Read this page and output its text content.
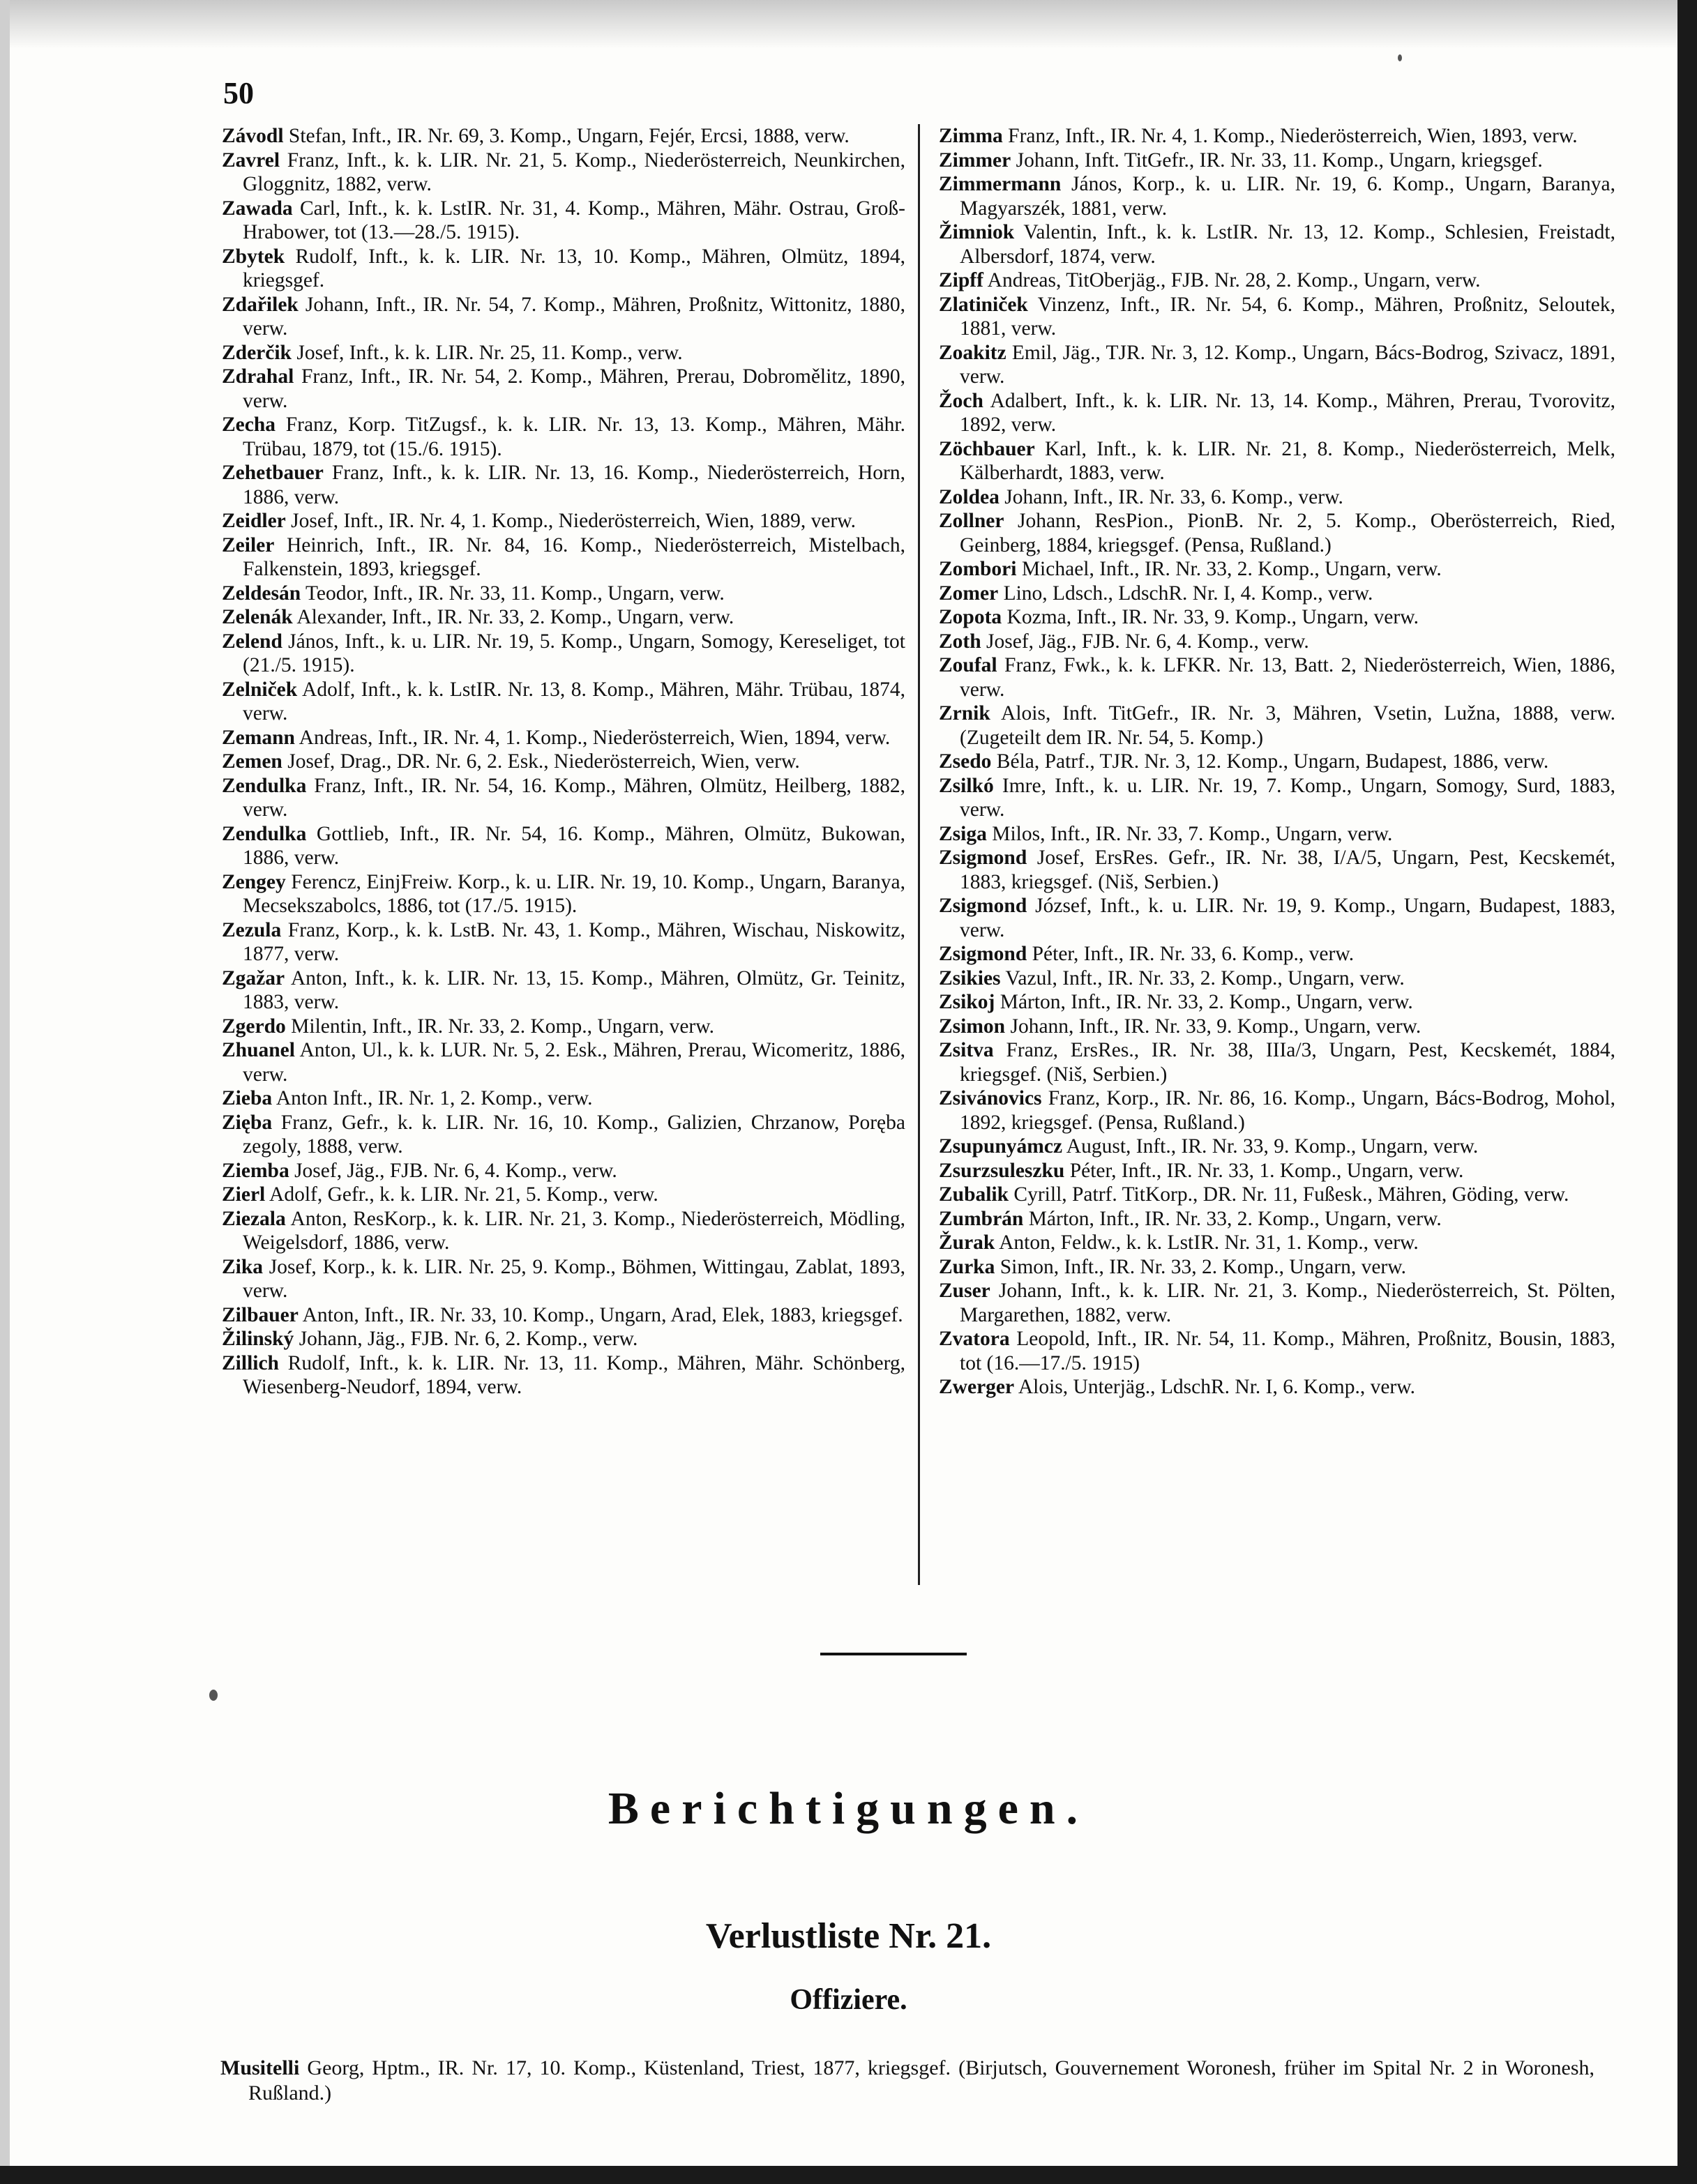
50

Závodl Stefan, Inft., IR. Nr. 69, 3. Komp., Ungarn, Fejér, Ercsi, 1888, verw.

Zavrel Franz, Inft., k. k. LIR. Nr. 21, 5. Komp., Niederösterreich, Neunkirchen, Gloggnitz, 1882, verw.

Zawada Carl, Inft., k. k. LstIR. Nr. 31, 4. Komp., Mähren, Mähr. Ostrau, Groß-Hrabower, tot (13.—28./5. 1915).

Zbytek Rudolf, Inft., k. k. LIR. Nr. 13, 10. Komp., Mähren, Olmütz, 1894, kriegsgef.

Zdařilek Johann, Inft., IR. Nr. 54, 7. Komp., Mähren, Proßnitz, Wittonitz, 1880, verw.

Zderčik Josef, Inft., k. k. LIR. Nr. 25, 11. Komp., verw.

Zdrahal Franz, Inft., IR. Nr. 54, 2. Komp., Mähren, Prerau, Dobromělitz, 1890, verw.

Zecha Franz, Korp. TitZugsf., k. k. LIR. Nr. 13, 13. Komp., Mähren, Mähr. Trübau, 1879, tot (15./6. 1915).

Zehetbauer Franz, Inft., k. k. LIR. Nr. 13, 16. Komp., Niederösterreich, Horn, 1886, verw.

Zeidler Josef, Inft., IR. Nr. 4, 1. Komp., Niederösterreich, Wien, 1889, verw.

Zeiler Heinrich, Inft., IR. Nr. 84, 16. Komp., Niederösterreich, Mistelbach, Falkenstein, 1893, kriegsgef.

Zeldesán Teodor, Inft., IR. Nr. 33, 11. Komp., Ungarn, verw.

Zelenák Alexander, Inft., IR. Nr. 33, 2. Komp., Ungarn, verw.

Zelend János, Inft., k. u. LIR. Nr. 19, 5. Komp., Ungarn, Somogy, Kereseliget, tot (21./5. 1915).

Zelniček Adolf, Inft., k. k. LstIR. Nr. 13, 8. Komp., Mähren, Mähr. Trübau, 1874, verw.

Zemann Andreas, Inft., IR. Nr. 4, 1. Komp., Niederösterreich, Wien, 1894, verw.

Zemen Josef, Drag., DR. Nr. 6, 2. Esk., Niederösterreich, Wien, verw.

Zendulka Franz, Inft., IR. Nr. 54, 16. Komp., Mähren, Olmütz, Heilberg, 1882, verw.

Zendulka Gottlieb, Inft., IR. Nr. 54, 16. Komp., Mähren, Olmütz, Bukowan, 1886, verw.

Zengey Ferencz, EinjFreiw. Korp., k. u. LIR. Nr. 19, 10. Komp., Ungarn, Baranya, Mecsekszabolcs, 1886, tot (17./5. 1915).

Zezula Franz, Korp., k. k. LstB. Nr. 43, 1. Komp., Mähren, Wischau, Niskowitz, 1877, verw.

Zgažar Anton, Inft., k. k. LIR. Nr. 13, 15. Komp., Mähren, Olmütz, Gr. Teinitz, 1883, verw.

Zgerdo Milentin, Inft., IR. Nr. 33, 2. Komp., Ungarn, verw.

Zhuanel Anton, Ul., k. k. LUR. Nr. 5, 2. Esk., Mähren, Prerau, Wicomeritz, 1886, verw.

Zieba Anton Inft., IR. Nr. 1, 2. Komp., verw.

Zięba Franz, Gefr., k. k. LIR. Nr. 16, 10. Komp., Galizien, Chrzanow, Poręba zegoly, 1888, verw.

Ziemba Josef, Jäg., FJB. Nr. 6, 4. Komp., verw.

Zierl Adolf, Gefr., k. k. LIR. Nr. 21, 5. Komp., verw.

Ziezala Anton, ResKorp., k. k. LIR. Nr. 21, 3. Komp., Niederösterreich, Mödling, Weigelsdorf, 1886, verw.

Zika Josef, Korp., k. k. LIR. Nr. 25, 9. Komp., Böhmen, Wittingau, Zablat, 1893, verw.

Zilbauer Anton, Inft., IR. Nr. 33, 10. Komp., Ungarn, Arad, Elek, 1883, kriegsgef.

Žilinský Johann, Jäg., FJB. Nr. 6, 2. Komp., verw.

Zillich Rudolf, Inft., k. k. LIR. Nr. 13, 11. Komp., Mähren, Mähr. Schönberg, Wiesenberg-Neudorf, 1894, verw.

Zimma Franz, Inft., IR. Nr. 4, 1. Komp., Niederösterreich, Wien, 1893, verw.

Zimmer Johann, Inft. TitGefr., IR. Nr. 33, 11. Komp., Ungarn, kriegsgef.

Zimmermann János, Korp., k. u. LIR. Nr. 19, 6. Komp., Ungarn, Baranya, Magyarszék, 1881, verw.

Žimniok Valentin, Inft., k. k. LstIR. Nr. 13, 12. Komp., Schlesien, Freistadt, Albersdorf, 1874, verw.

Zipff Andreas, TitOberjäg., FJB. Nr. 28, 2. Komp., Ungarn, verw.

Zlatiniček Vinzenz, Inft., IR. Nr. 54, 6. Komp., Mähren, Proßnitz, Seloutek, 1881, verw.

Zoakitz Emil, Jäg., TJR. Nr. 3, 12. Komp., Ungarn, Bács-Bodrog, Szivacz, 1891, verw.

Žoch Adalbert, Inft., k. k. LIR. Nr. 13, 14. Komp., Mähren, Prerau, Tvorovitz, 1892, verw.

Zöchbauer Karl, Inft., k. k. LIR. Nr. 21, 8. Komp., Niederösterreich, Melk, Kälberhardt, 1883, verw.

Zoldea Johann, Inft., IR. Nr. 33, 6. Komp., verw.

Zollner Johann, ResPion., PionB. Nr. 2, 5. Komp., Oberösterreich, Ried, Geinberg, 1884, kriegsgef. (Pensa, Rußland.)

Zombori Michael, Inft., IR. Nr. 33, 2. Komp., Ungarn, verw.

Zomer Lino, Ldsch., LdschR. Nr. I, 4. Komp., verw.

Zopota Kozma, Inft., IR. Nr. 33, 9. Komp., Ungarn, verw.

Zoth Josef, Jäg., FJB. Nr. 6, 4. Komp., verw.

Zoufal Franz, Fwk., k. k. LFKR. Nr. 13, Batt. 2, Niederösterreich, Wien, 1886, verw.

Zrnik Alois, Inft. TitGefr., IR. Nr. 3, Mähren, Vsetin, Lužna, 1888, verw. (Zugeteilt dem IR. Nr. 54, 5. Komp.)

Zsedo Béla, Patrf., TJR. Nr. 3, 12. Komp., Ungarn, Budapest, 1886, verw.

Zsilkó Imre, Inft., k. u. LIR. Nr. 19, 7. Komp., Ungarn, Somogy, Surd, 1883, verw.

Zsiga Milos, Inft., IR. Nr. 33, 7. Komp., Ungarn, verw.

Zsigmond Josef, ErsRes. Gefr., IR. Nr. 38, I/A/5, Ungarn, Pest, Kecskemét, 1883, kriegsgef. (Niš, Serbien.)

Zsigmond József, Inft., k. u. LIR. Nr. 19, 9. Komp., Ungarn, Budapest, 1883, verw.

Zsigmond Péter, Inft., IR. Nr. 33, 6. Komp., verw.

Zsikies Vazul, Inft., IR. Nr. 33, 2. Komp., Ungarn, verw.

Zsikoj Márton, Inft., IR. Nr. 33, 2. Komp., Ungarn, verw.

Zsimon Johann, Inft., IR. Nr. 33, 9. Komp., Ungarn, verw.

Zsitva Franz, ErsRes., IR. Nr. 38, IIIa/3, Ungarn, Pest, Kecskemét, 1884, kriegsgef. (Niš, Serbien.)

Zsivánovics Franz, Korp., IR. Nr. 86, 16. Komp., Ungarn, Bács-Bodrog, Mohol, 1892, kriegsgef. (Pensa, Rußland.)

Zsupunyámcz August, Inft., IR. Nr. 33, 9. Komp., Ungarn, verw.

Zsurzsuleszku Péter, Inft., IR. Nr. 33, 1. Komp., Ungarn, verw.

Zubalik Cyrill, Patrf. TitKorp., DR. Nr. 11, Fußesk., Mähren, Göding, verw.

Zumbrán Márton, Inft., IR. Nr. 33, 2. Komp., Ungarn, verw.

Žurak Anton, Feldw., k. k. LstIR. Nr. 31, 1. Komp., verw.

Zurka Simon, Inft., IR. Nr. 33, 2. Komp., Ungarn, verw.

Zuser Johann, Inft., k. k. LIR. Nr. 21, 3. Komp., Niederösterreich, St. Pölten, Margarethen, 1882, verw.

Zvatora Leopold, Inft., IR. Nr. 54, 11. Komp., Mähren, Proßnitz, Bousin, 1883, tot (16.—17./5. 1915)

Zwerger Alois, Unterjäg., LdschR. Nr. I, 6. Komp., verw.

Berichtigungen.
Verlustliste Nr. 21.
Offiziere.

Musitelli Georg, Hptm., IR. Nr. 17, 10. Komp., Küstenland, Triest, 1877, kriegsgef. (Birjutsch, Gouvernement Woronesh, früher im Spital Nr. 2 in Woronesh, Rußland.)
